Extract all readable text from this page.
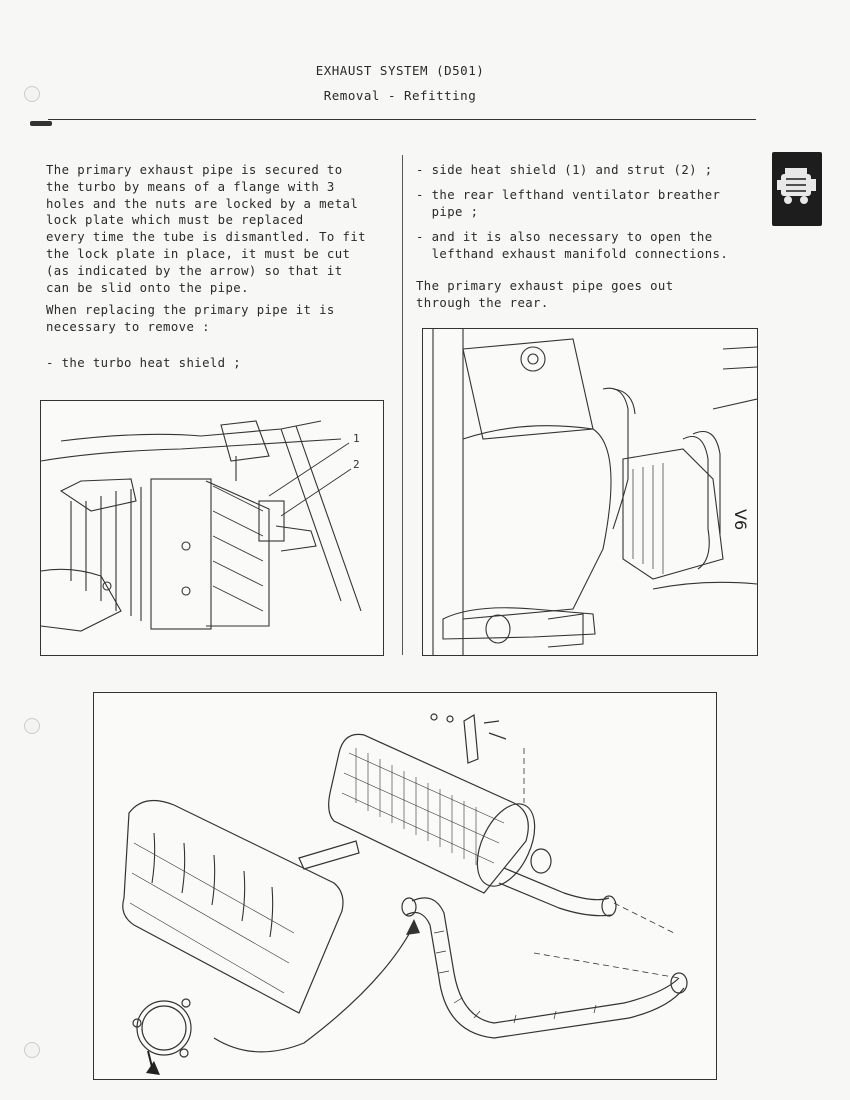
EXHAUST SYSTEM (D501)
Removal - Refitting
The primary exhaust pipe is secured to
the turbo by means of a flange with 3
holes and the nuts are locked by a metal
lock plate which must be replaced
every time the tube is dismantled. To fit
the lock plate in place, it must be cut
(as indicated by the arrow) so that it
can be slid onto the pipe.
When replacing the primary pipe it is
necessary to remove :
- the turbo heat shield ;
- side heat shield (1) and strut (2) ;
- the rear lefthand ventilator breather
pipe ;
- and it is also necessary to open the
lefthand exhaust manifold connections.
The primary exhaust pipe goes out
through the rear.
1
2
V6
